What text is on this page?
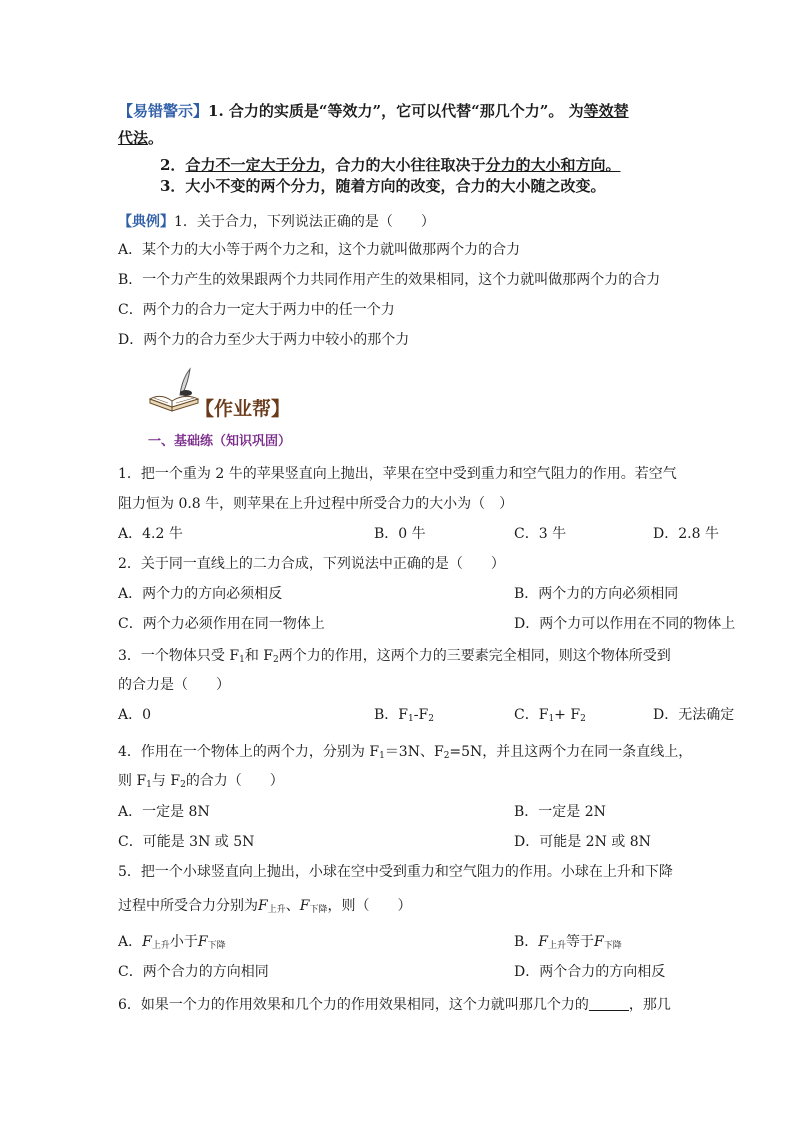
【易错警示】1. 合力的实质是“等效力”，它可以代替“那几个力”。 为等效替
代法。
2．合力不一定大于分力，合力的大小往往取决于分力的大小和方向。
3．大小不变的两个分力，随着方向的改变，合力的大小随之改变。
【典例】1．关于合力，下列说法正确的是（　　）
A．某个力的大小等于两个力之和，这个力就叫做那两个力的合力
B．一个力产生的效果跟两个力共同作用产生的效果相同，这个力就叫做那两个力的合力
C．两个力的合力一定大于两力中的任一个力
D．两个力的合力至少大于两力中较小的那个力
【作业帮】
一、基础练（知识巩固）
1．把一个重为 2 牛的苹果竖直向上抛出，苹果在空中受到重力和空气阻力的作用。若空气
阻力恒为 0.8 牛，则苹果在上升过程中所受合力的大小为（　）
A．4.2 牛	B．0 牛	C．3 牛	D．2.8 牛
2．关于同一直线上的二力合成，下列说法中正确的是（　　）
A．两个力的方向必须相反	B．两个力的方向必须相同
C．两个力必须作用在同一物体上	D．两个力可以作用在不同的物体上
3．一个物体只受 $F_1$和 $F_2$两个力的作用，这两个力的三要素完全相同，则这个物体所受到
的合力是（　　）
A．0	B．$F_1-F_2$	C．$F_1+ F_2$	D．无法确定
4．作用在一个物体上的两个力，分别为 $F_1=3N$、$F_2=5N$，并且这两个力在同一条直线上，
则 $F_1$与 $F_2$的合力（　　）
A．一定是 8N	B．一定是 2N
C．可能是 3N 或 5N	D．可能是 2N 或 8N
5．把一个小球竖直向上抛出，小球在空中受到重力和空气阻力的作用。小球在上升和下降
过程中所受合力分别为$F_{上升}$、$F_{下降}$，则（　　）
A．$F_{上升}$小于$F_{下降}$	B．$F_{上升}$等于$F_{下降}$
C．两个合力的方向相同	D．两个合力的方向相反
6．如果一个力的作用效果和几个力的作用效果相同，这个力就叫那几个力的	，那几
